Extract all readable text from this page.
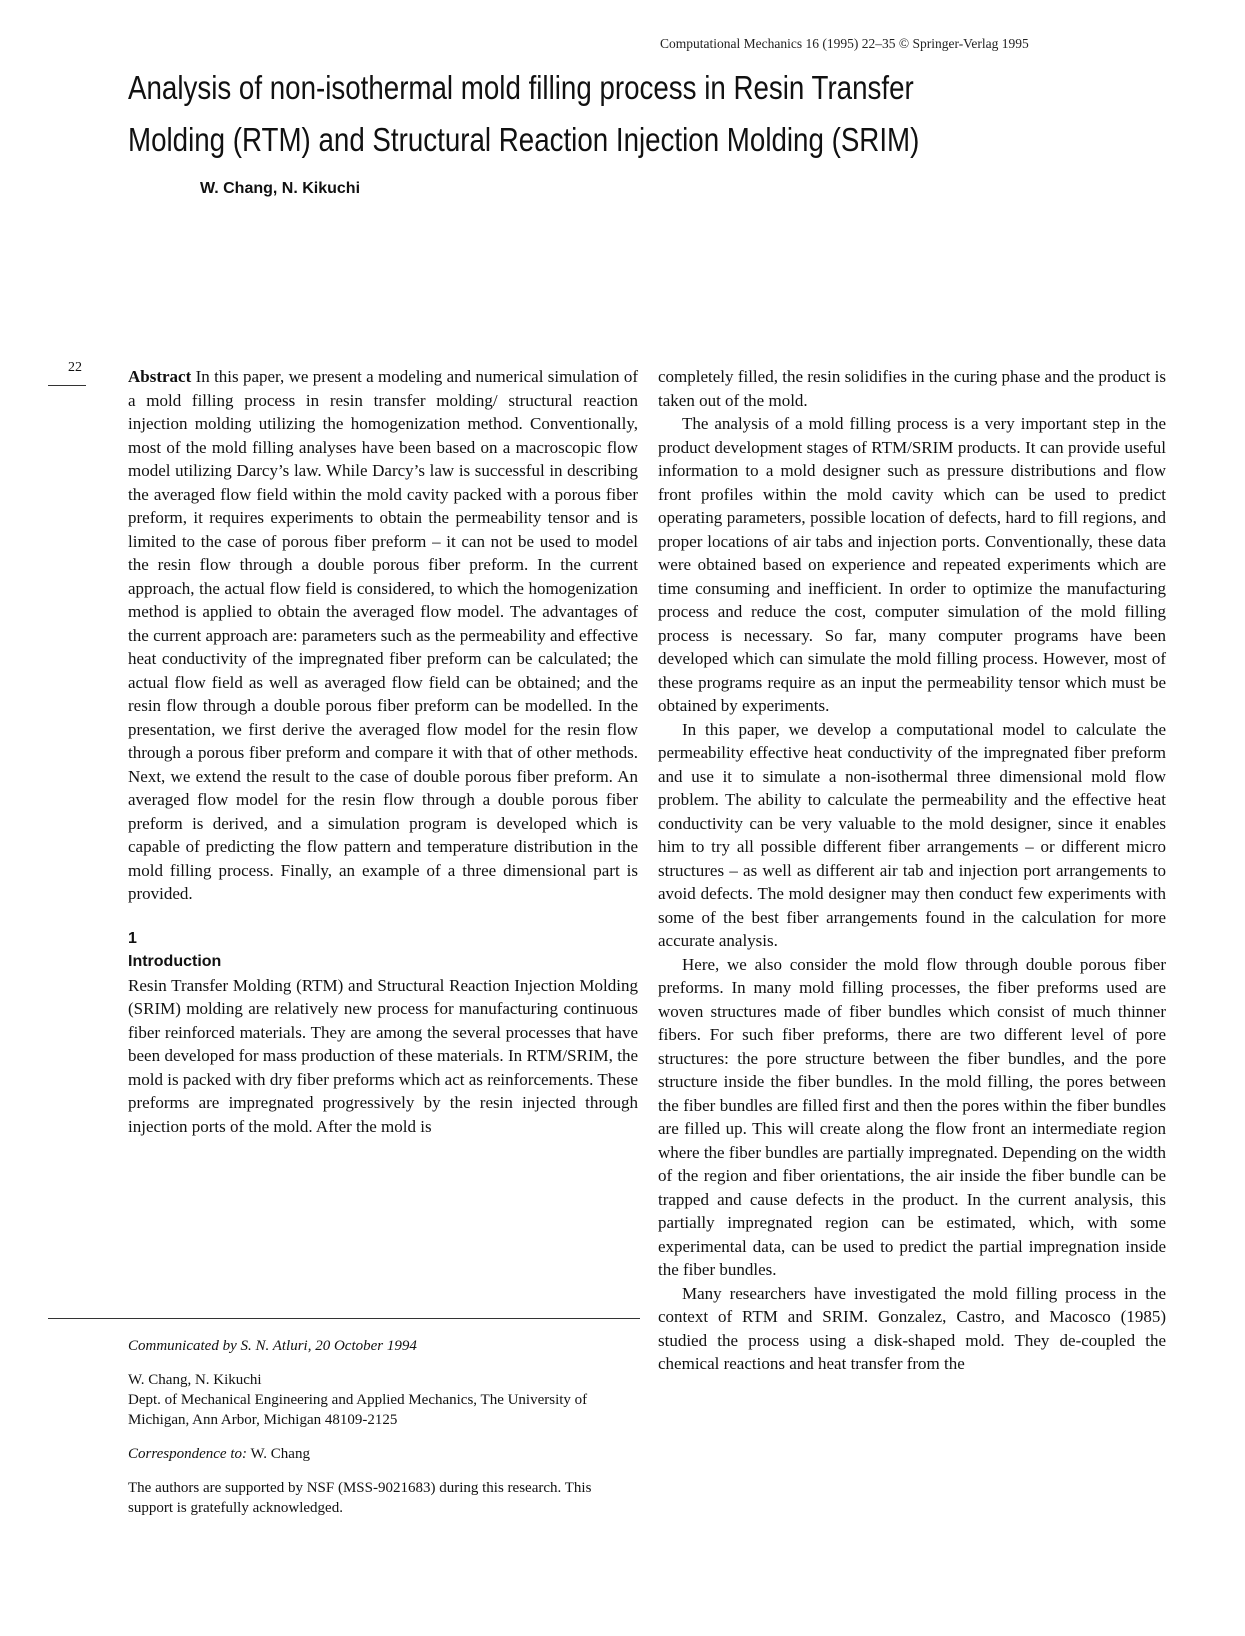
Computational Mechanics 16 (1995) 22–35 © Springer-Verlag 1995
Analysis of non-isothermal mold filling process in Resin Transfer
Molding (RTM) and Structural Reaction Injection Molding (SRIM)
W. Chang, N. Kikuchi
22	Abstract In this paper, we present a modeling and numerical simulation of a mold filling process in resin transfer molding/ structural reaction injection molding utilizing the homogenization method. Conventionally, most of the mold filling analyses have been based on a macroscopic flow model utilizing Darcy’s law. While Darcy’s law is successful in describing the averaged flow field within the mold cavity packed with a porous fiber preform, it requires experiments to obtain the permeability tensor and is limited to the case of porous fiber preform – it can not be used to model the resin flow through a double porous fiber preform. In the current approach, the actual flow field is considered, to which the homogenization method is applied to obtain the averaged flow model. The advantages of the current approach are: parameters such as the permeability and effective heat conductivity of the impregnated fiber preform can be calculated; the actual flow field as well as averaged flow field can be obtained; and the resin flow through a double porous fiber preform can be modelled. In the presentation, we first derive the averaged flow model for the resin flow through a porous fiber preform and compare it with that of other methods. Next, we extend the result to the case of double porous fiber preform. An averaged flow model for the resin flow through a double porous fiber preform is derived, and a simulation program is developed which is capable of predicting the flow pattern and temperature distribution in the mold filling process. Finally, an example of a three dimensional part is provided.

1
Introduction

Resin Transfer Molding (RTM) and Structural Reaction Injection Molding (SRIM) molding are relatively new process for manufacturing continuous fiber reinforced materials. They are among the several processes that have been developed for mass production of these materials. In RTM/SRIM, the mold is packed with dry fiber preforms which act as reinforcements. These preforms are impregnated progressively by the resin injected through injection ports of the mold. After the mold is

completely filled, the resin solidifies in the curing phase and the product is taken out of the mold.

The analysis of a mold filling process is a very important step in the product development stages of RTM/SRIM products. It can provide useful information to a mold designer such as pressure distributions and flow front profiles within the mold cavity which can be used to predict operating parameters, possible location of defects, hard to fill regions, and proper locations of air tabs and injection ports. Conventionally, these data were obtained based on experience and repeated experiments which are time consuming and inefficient. In order to optimize the manufacturing process and reduce the cost, computer simulation of the mold filling process is necessary. So far, many computer programs have been developed which can simulate the mold filling process. However, most of these programs require as an input the permeability tensor which must be obtained by experiments.

In this paper, we develop a computational model to calculate the permeability effective heat conductivity of the impregnated fiber preform and use it to simulate a non-isothermal three dimensional mold flow problem. The ability to calculate the permeability and the effective heat conductivity can be very valuable to the mold designer, since it enables him to try all possible different fiber arrangements – or different micro structures – as well as different air tab and injection port arrangements to avoid defects. The mold designer may then conduct few experiments with some of the best fiber arrangements found in the calculation for more accurate analysis.

Here, we also consider the mold flow through double porous fiber preforms. In many mold filling processes, the fiber preforms used are woven structures made of fiber bundles which consist of much thinner fibers. For such fiber preforms, there are two different level of pore structures: the pore structure between the fiber bundles, and the pore structure inside the fiber bundles. In the mold filling, the pores between the fiber bundles are filled first and then the pores within the fiber bundles are filled up. This will create along the flow front an intermediate region where the fiber bundles are partially impregnated. Depending on the width of the region and fiber orientations, the air inside the fiber bundle can be trapped and cause defects in the product. In the current analysis, this partially impregnated region can be estimated, which, with some experimental data, can be used to predict the partial impregnation inside the fiber bundles.

Many researchers have investigated the mold filling process in the context of RTM and SRIM. Gonzalez, Castro, and Macosco (1985) studied the process using a disk-shaped mold. They de-coupled the chemical reactions and heat transfer from the

Communicated by S. N. Atluri, 20 October 1994

W. Chang, N. Kikuchi

Dept. of Mechanical Engineering and Applied Mechanics, The University of Michigan, Ann Arbor, Michigan 48109-2125

Correspondence to: W. Chang

The authors are supported by NSF (MSS-9021683) during this research. This support is gratefully acknowledged.
